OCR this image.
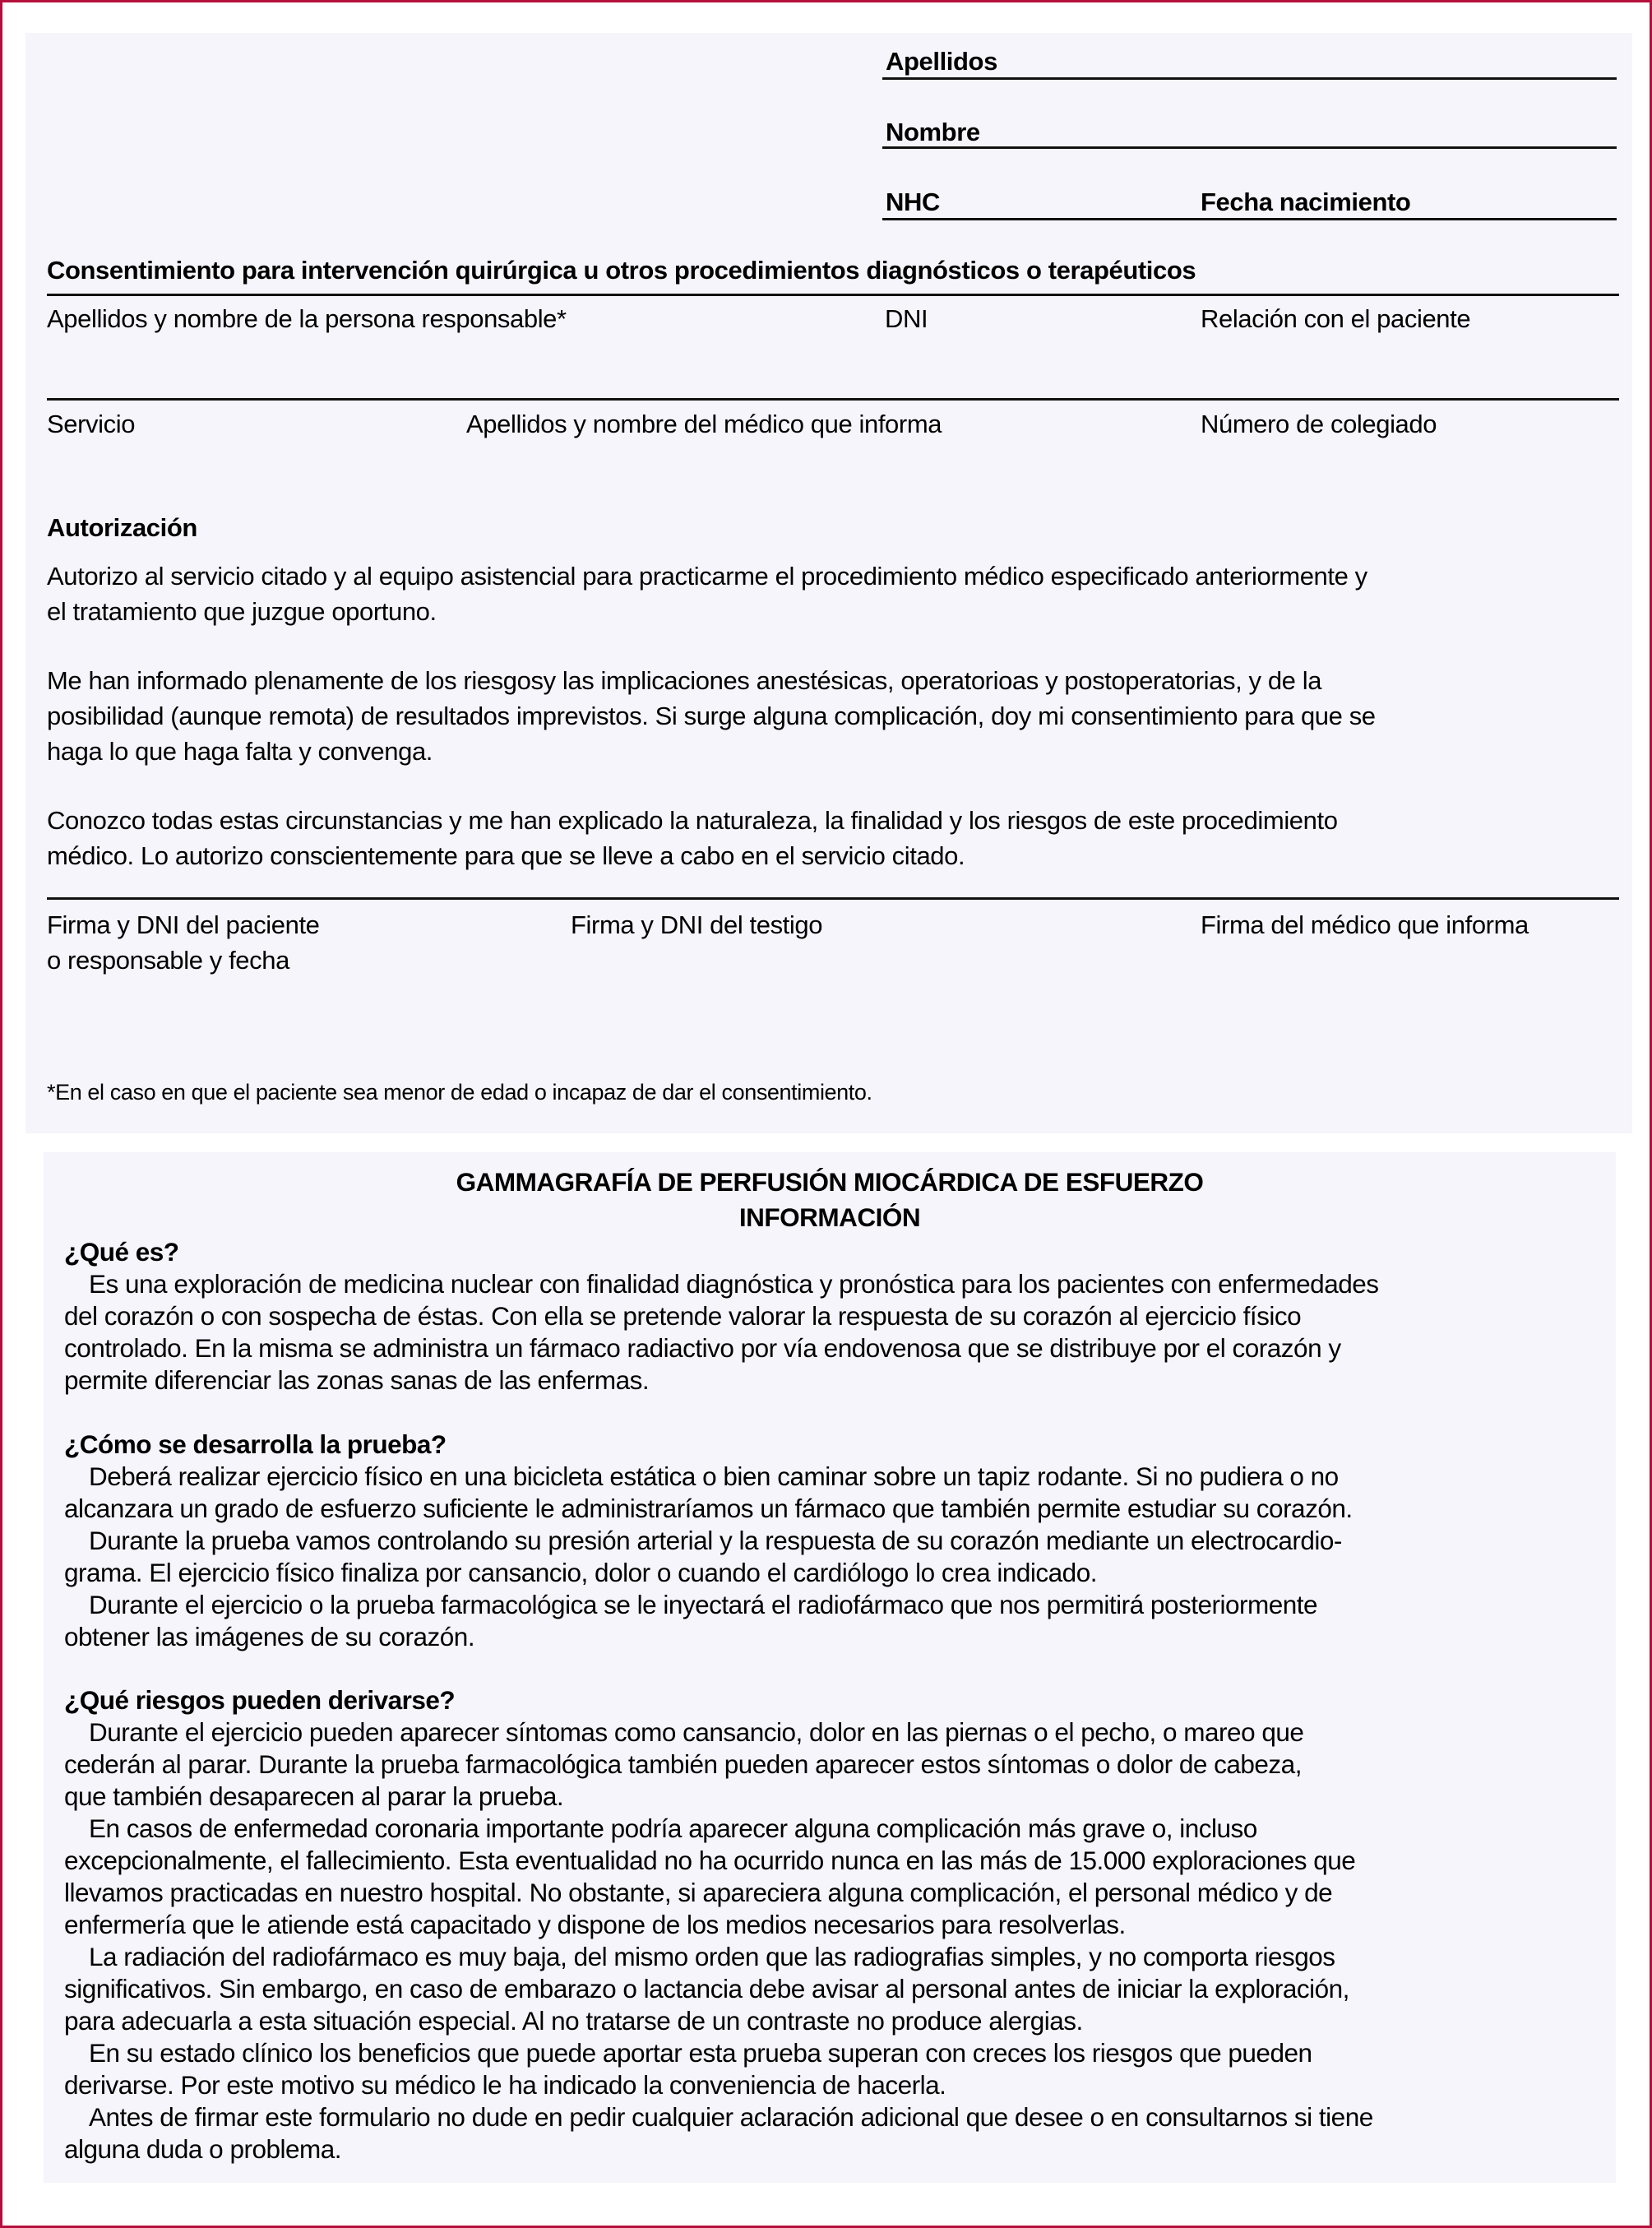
Apellidos
Nombre
NHC	Fecha nacimiento
Consentimiento para intervención quirúrgica u otros procedimientos diagnósticos o terapéuticos
Apellidos y nombre de la persona responsable*	DNI	Relación con el paciente
Servicio	Apellidos y nombre del médico que informa	Número de colegiado
Autorización
Autorizo al servicio citado y al equipo asistencial para practicarme el procedimiento médico especificado anteriormente y
el tratamiento que juzgue oportuno.
Me han informado plenamente de los riesgosy las implicaciones anestésicas, operatorioas y postoperatorias, y de la
posibilidad (aunque remota) de resultados imprevistos. Si surge alguna complicación, doy mi consentimiento para que se
haga lo que haga falta y convenga.
Conozco todas estas circunstancias y me han explicado la naturaleza, la finalidad y los riesgos de este procedimiento
médico. Lo autorizo conscientemente para que se lleve a cabo en el servicio citado.
Firma y DNI del paciente
o responsable y fecha
Firma y DNI del testigo	Firma del médico que informa
*En el caso en que el paciente sea menor de edad o incapaz de dar el consentimiento.
GAMMAGRAFÍA DE PERFUSIÓN MIOCÁRDICA DE ESFUERZO
INFORMACIÓN
¿Qué es?
Es una exploración de medicina nuclear con finalidad diagnóstica y pronóstica para los pacientes con enfermedades
del corazón o con sospecha de éstas. Con ella se pretende valorar la respuesta de su corazón al ejercicio físico
controlado. En la misma se administra un fármaco radiactivo por vía endovenosa que se distribuye por el corazón y
permite diferenciar las zonas sanas de las enfermas.
¿Cómo se desarrolla la prueba?
Deberá realizar ejercicio físico en una bicicleta estática o bien caminar sobre un tapiz rodante. Si no pudiera o no
alcanzara un grado de esfuerzo suficiente le administraríamos un fármaco que también permite estudiar su corazón.
Durante la prueba vamos controlando su presión arterial y la respuesta de su corazón mediante un electrocardio-
grama. El ejercicio físico finaliza por cansancio, dolor o cuando el cardiólogo lo crea indicado.
Durante el ejercicio o la prueba farmacológica se le inyectará el radiofármaco que nos permitirá posteriormente
obtener las imágenes de su corazón.
¿Qué riesgos pueden derivarse?
Durante el ejercicio pueden aparecer síntomas como cansancio, dolor en las piernas o el pecho, o mareo que
cederán al parar. Durante la prueba farmacológica también pueden aparecer estos síntomas o dolor de cabeza,
que también desaparecen al parar la prueba.
En casos de enfermedad coronaria importante podría aparecer alguna complicación más grave o, incluso
excepcionalmente, el fallecimiento. Esta eventualidad no ha ocurrido nunca en las más de 15.000 exploraciones que
llevamos practicadas en nuestro hospital. No obstante, si apareciera alguna complicación, el personal médico y de
enfermería que le atiende está capacitado y dispone de los medios necesarios para resolverlas.
La radiación del radiofármaco es muy baja, del mismo orden que las radiografias simples, y no comporta riesgos
significativos. Sin embargo, en caso de embarazo o lactancia debe avisar al personal antes de iniciar la exploración,
para adecuarla a esta situación especial. Al no tratarse de un contraste no produce alergias.
En su estado clínico los beneficios que puede aportar esta prueba superan con creces los riesgos que pueden
derivarse. Por este motivo su médico le ha indicado la conveniencia de hacerla.
Antes de firmar este formulario no dude en pedir cualquier aclaración adicional que desee o en consultarnos si tiene
alguna duda o problema.
